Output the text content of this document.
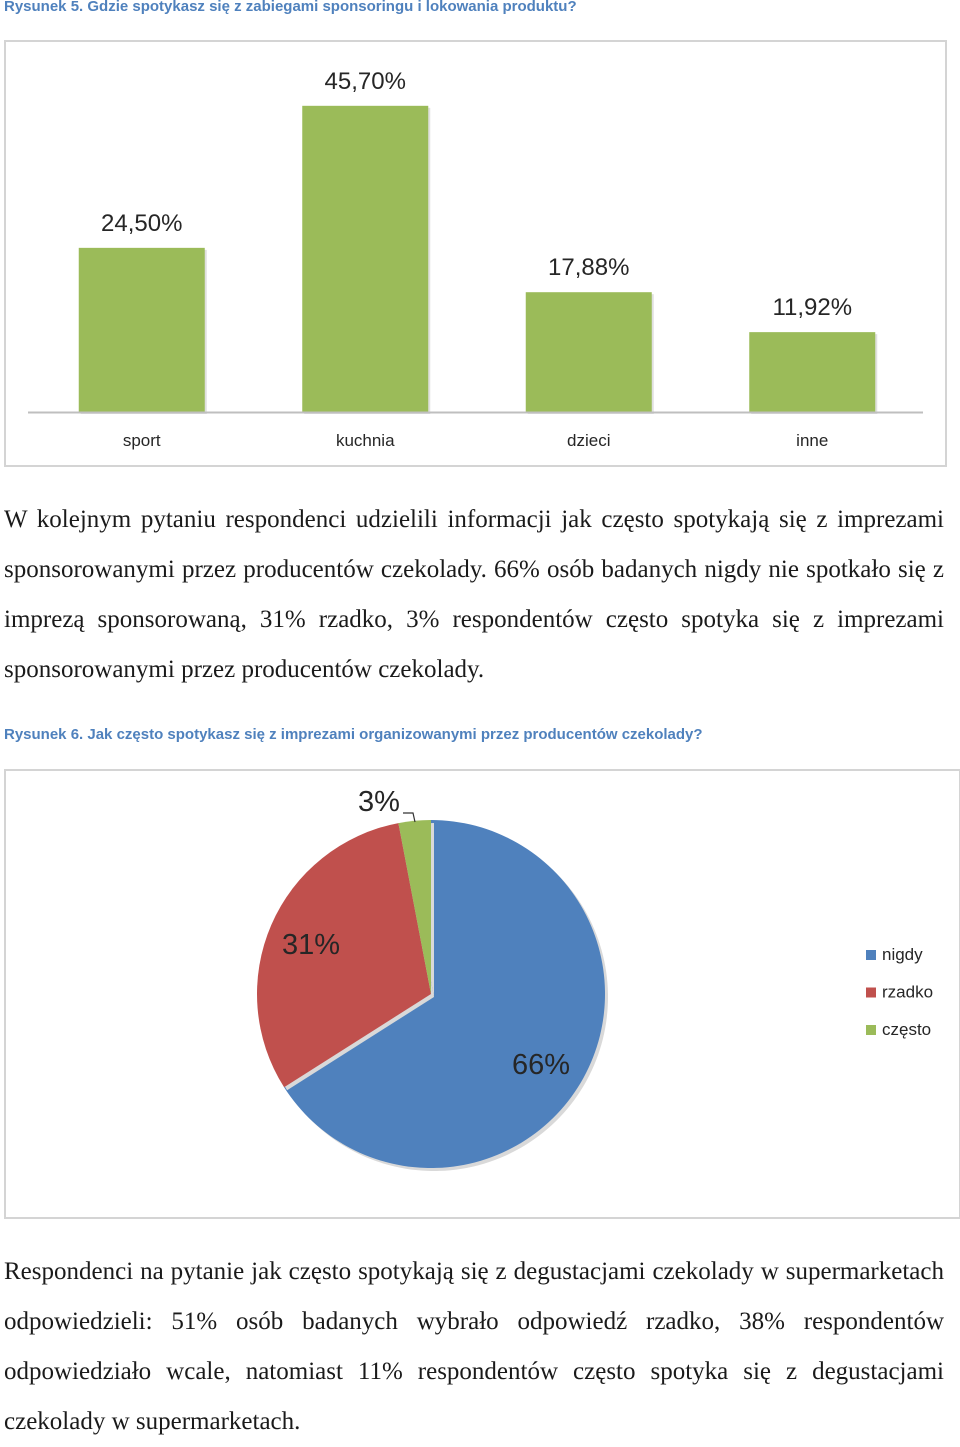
Rysunek 5. Gdzie spotykasz się z zabiegami sponsoringu i lokowania produktu?
24,50%
sport
45,70%
kuchnia
17,88%
dzieci
11,92%
inne

W kolejnym pytaniu respondenci udzielili informacji jak często spotykają się z imprezami sponsorowanymi przez producentów czekolady. 66% osób badanych nigdy nie spotkało się z imprezą sponsorowaną, 31% rzadko, 3% respondentów często spotyka się z imprezami sponsorowanymi przez producentów czekolady.

Rysunek 6. Jak często spotykasz się z imprezami organizowanymi przez producentów czekolady?
66%
31%
3%
nigdy
rzadko
często

Respondenci na pytanie jak często spotykają się z degustacjami czekolady w supermarketach odpowiedzieli: 51% osób badanych wybrało odpowiedź rzadko, 38% respondentów odpowiedziało wcale, natomiast 11% respondentów często spotyka się z degustacjami czekolady w supermarketach.
